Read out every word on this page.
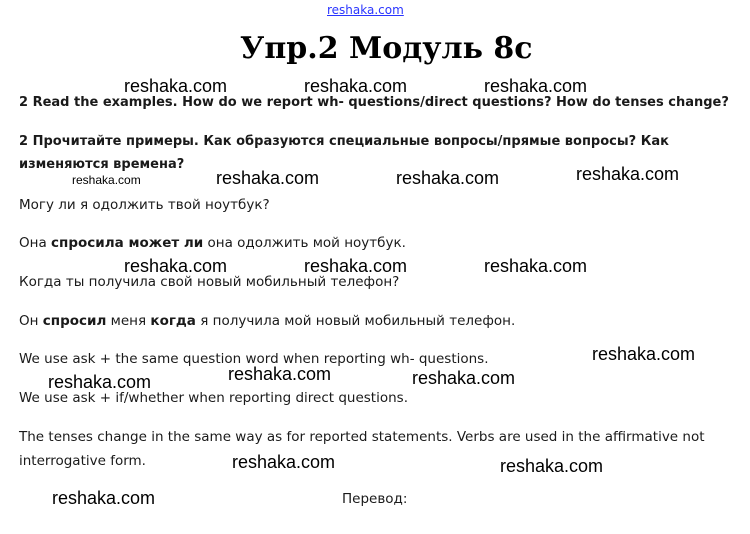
reshaka.com
Упр.2 Модуль 8с
reshaka.com	reshaka.com	reshaka.com
2 Read the examples. How do we report wh- questions/direct questions? How do tenses change?
2 Прочитайте примеры. Как образуются специальные вопросы/прямые вопросы? Как
изменяются времена?
reshaka.com	reshaka.com	reshaka.com	reshaka.com
Могу ли я одолжить твой ноутбук?
Она спросила может ли она одолжить мой ноутбук.
reshaka.com	reshaka.com	reshaka.com
Когда ты получила свой новый мобильный телефон?
Он спросил меня когда я получила мой новый мобильный телефон.
We use ask + the same question word when reporting wh- questions.	reshaka.com
reshaka.com	reshaka.com	reshaka.com
We use ask + if/whether when reporting direct questions.
The tenses change in the same way as for reported statements. Verbs are used in the affirmative not
interrogative form.	reshaka.com	reshaka.com
reshaka.com	Перевод:
